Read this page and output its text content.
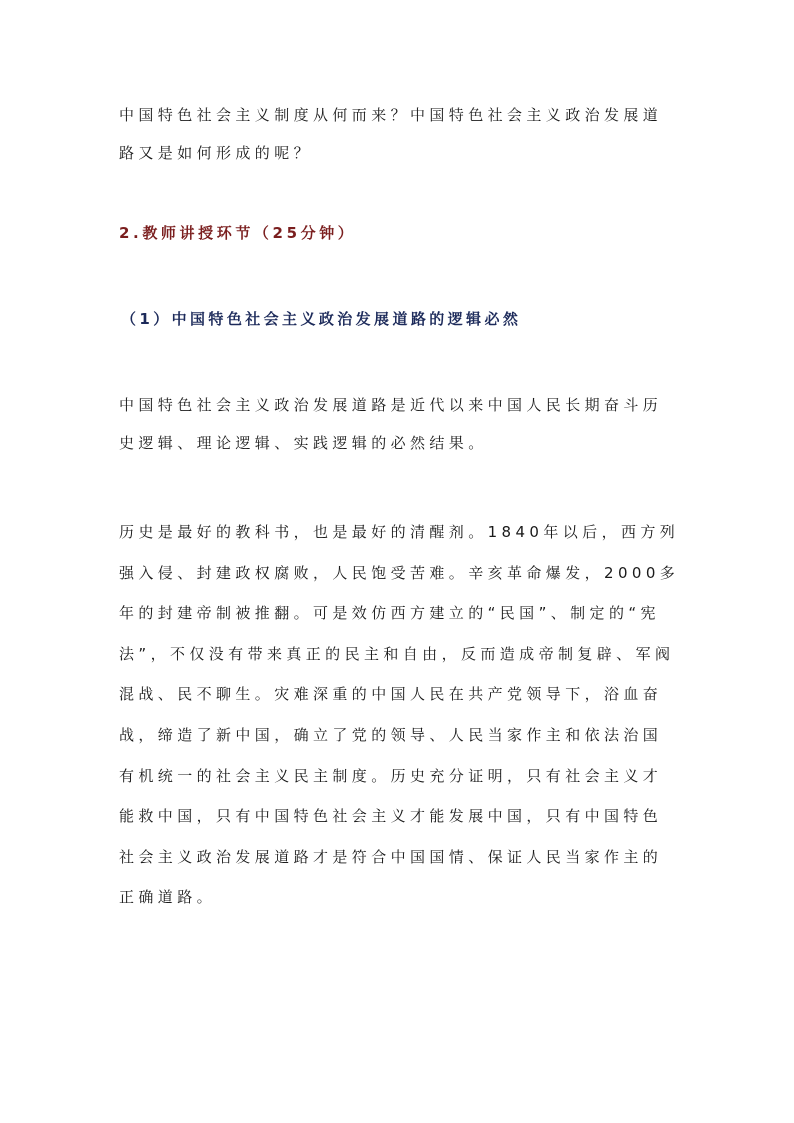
中国特色社会主义制度从何而来？中国特色社会主义政治发展道
路又是如何形成的呢？
2.教师讲授环节（25分钟）
（1）中国特色社会主义政治发展道路的逻辑必然
中国特色社会主义政治发展道路是近代以来中国人民长期奋斗历
史逻辑、理论逻辑、实践逻辑的必然结果。
历史是最好的教科书，也是最好的清醒剂。1840年以后，西方列
强入侵、封建政权腐败，人民饱受苦难。辛亥革命爆发，2000多
年的封建帝制被推翻。可是效仿西方建立的“民国”、制定的“宪
法”，不仅没有带来真正的民主和自由，反而造成帝制复辟、军阀
混战、民不聊生。灾难深重的中国人民在共产党领导下，浴血奋
战，缔造了新中国，确立了党的领导、人民当家作主和依法治国
有机统一的社会主义民主制度。历史充分证明，只有社会主义才
能救中国，只有中国特色社会主义才能发展中国，只有中国特色
社会主义政治发展道路才是符合中国国情、保证人民当家作主的
正确道路。
